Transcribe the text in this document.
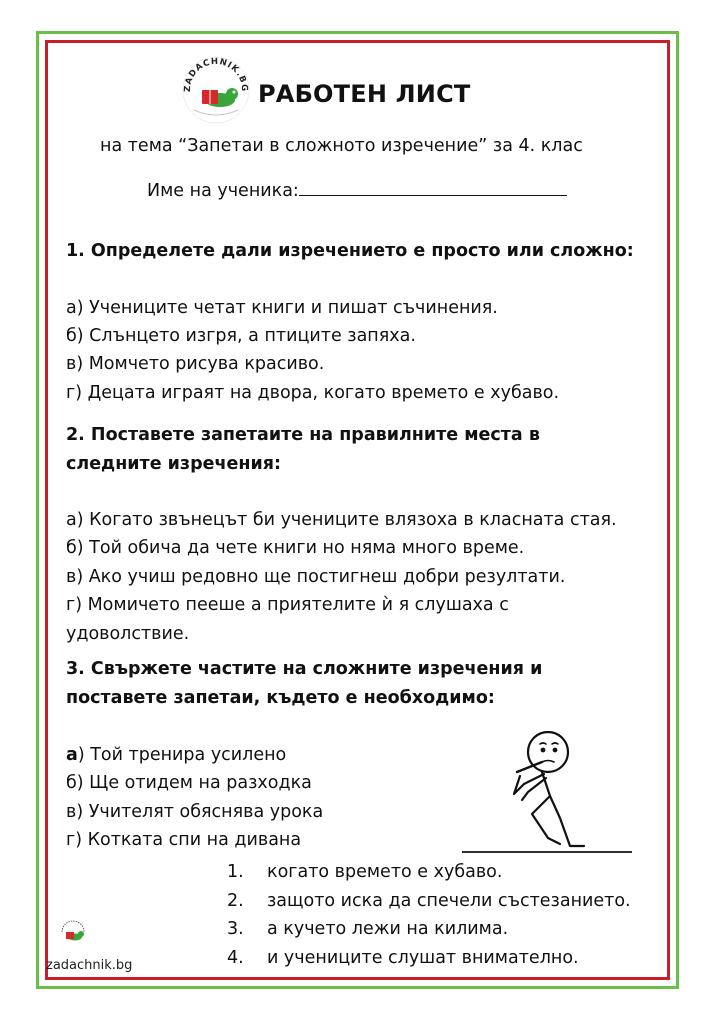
ZADACHNIK.BG РАБОТЕН ЛИСТ
на тема “Запетаи в сложното изречение” за 4. клас
Име на ученика:
1. Определете дали изречението е просто или сложно:
а) Учениците четат книги и пишат съчинения.
б) Слънцето изгря, а птиците запяха.
в) Момчето рисува красиво.
г) Децата играят на двора, когато времето е хубаво.
2. Поставете запетаите на правилните места в
следните изречения:
а) Когато звънецът би учениците влязоха в класната стая.
б) Той обича да чете книги но няма много време.
в) Ако учиш редовно ще постигнеш добри резултати.
г) Момичето пееше а приятелите ѝ я слушаха с
удоволствие.
3. Свържете частите на сложните изречения и
поставете запетаи, където е необходимо:
а) Той тренира усилено
б) Ще отидем на разходка
в) Учителят обяснява урока
г) Котката спи на дивана
1. когато времето е хубаво.
2. защото иска да спечели състезанието.
3. а кучето лежи на килима.
4. и учениците слушат внимателно.
zadachnik.bg
